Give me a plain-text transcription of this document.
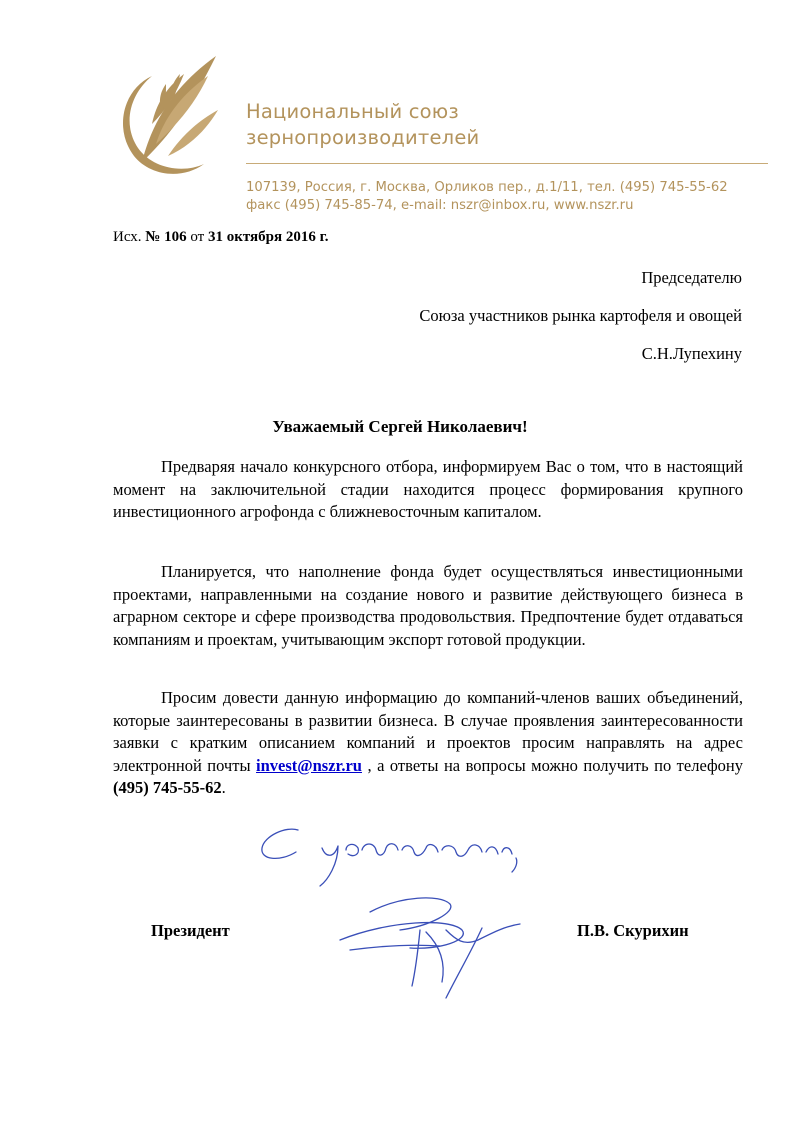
Национальный союз
зернопроизводителей
107139, Россия, г. Москва, Орликов пер., д.1/11, тел. (495) 745-55-62
факс (495) 745-85-74, e-mail: nszr@inbox.ru, www.nszr.ru
Исх. № 106 от 31 октября 2016 г.
Председателю
Союза участников рынка картофеля и овощей
С.Н.Лупехину
Уважаемый Сергей Николаевич!
Предваряя начало конкурсного отбора, информируем Вас о том, что в настоящий момент на заключительной стадии находится процесс формирования крупного инвестиционного агрофонда с ближневосточным капиталом.
Планируется, что наполнение фонда будет осуществляться инвестиционными проектами, направленными на создание нового и развитие действующего бизнеса в аграрном секторе и сфере производства продовольствия. Предпочтение будет отдаваться компаниям и проектам, учитывающим экспорт готовой продукции.
Просим довести данную информацию до компаний-членов ваших объединений, которые заинтересованы в развитии бизнеса. В случае проявления заинтересованности заявки с кратким описанием компаний и проектов просим направлять на адрес электронной почты invest@nszr.ru , а ответы на вопросы можно получить по телефону (495) 745-55-62.
Президент	П.В. Скурихин
